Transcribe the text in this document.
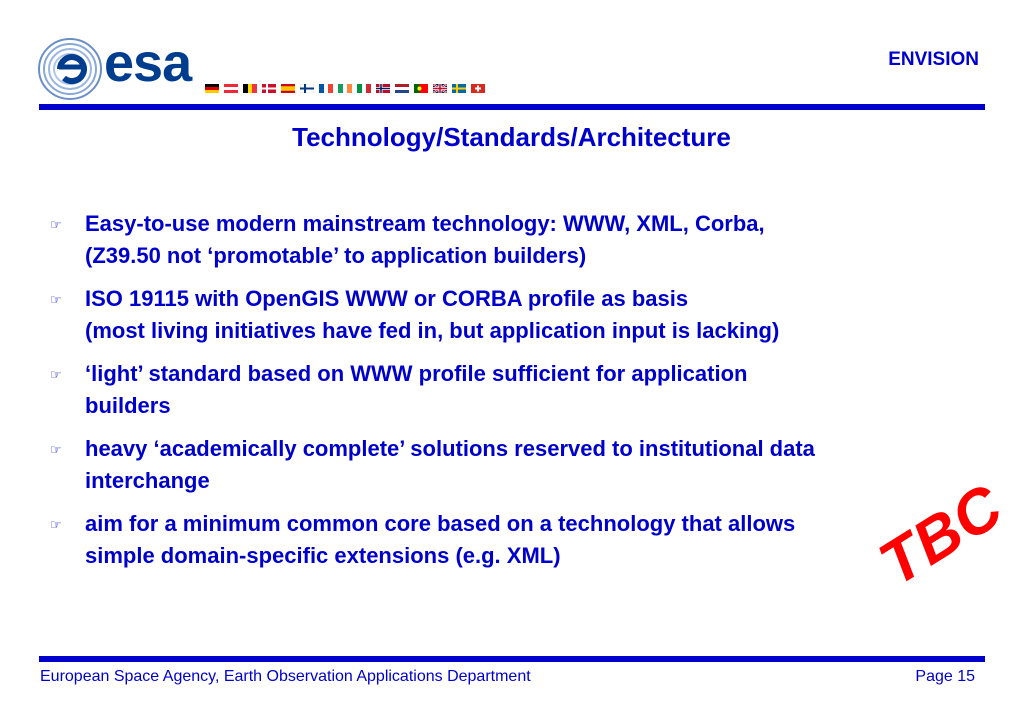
esa	ENVISION
Technology/Standards/Architecture
☞ Easy-to-use modern mainstream technology: WWW, XML, Corba,
(Z39.50 not ‘promotable’ to application builders)
☞ ISO 19115 with OpenGIS WWW or CORBA profile as basis
(most living initiatives have fed in, but application input is lacking)
☞ ‘light’ standard based on WWW profile sufficient for application
builders
☞ heavy ‘academically complete’ solutions reserved to institutional data
interchange
☞ aim for a minimum common core based on a technology that allows
simple domain-specific extensions (e.g. XML)	TBC
European Space Agency, Earth Observation Applications Department	Page 15
